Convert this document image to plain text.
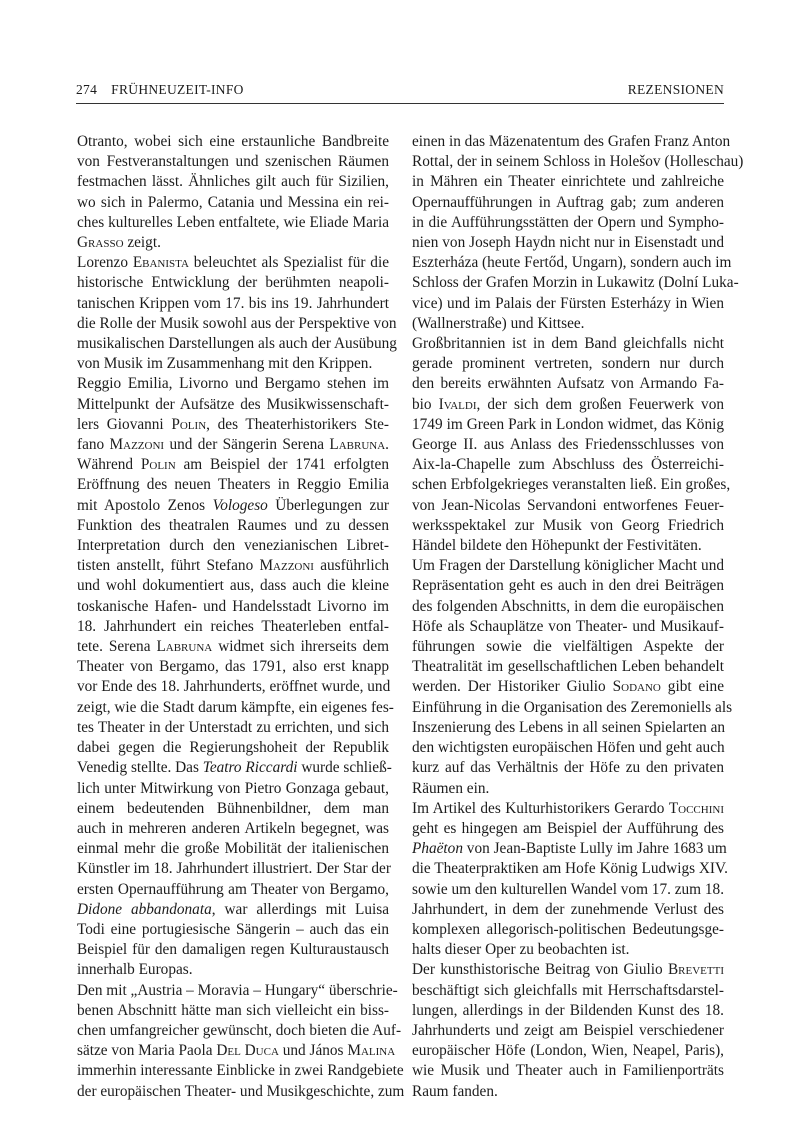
274 FRÜHNEUZEIT-INFO	REZENSIONEN

Otranto, wobei sich eine erstaunliche Bandbreite
von Festveranstaltungen und szenischen Räumen
festmachen lässt. Ähnliches gilt auch für Sizilien,
wo sich in Palermo, Catania und Messina ein rei-
ches kulturelles Leben entfaltete, wie Eliade Maria
Grasso zeigt.

Lorenzo Ebanista beleuchtet als Spezialist für die
historische Entwicklung der berühmten neapoli-
tanischen Krippen vom 17. bis ins 19. Jahrhundert
die Rolle der Musik sowohl aus der Perspektive von
musikalischen Darstellungen als auch der Ausübung
von Musik im Zusammenhang mit den Krippen.

Reggio Emilia, Livorno und Bergamo stehen im
Mittelpunkt der Aufsätze des Musikwissenschaft-
lers Giovanni Polin, des Theaterhistorikers Ste-
fano Mazzoni und der Sängerin Serena Labruna.
Während Polin am Beispiel der 1741 erfolgten
Eröffnung des neuen Theaters in Reggio Emilia
mit Apostolo Zenos Vologeso Überlegungen zur
Funktion des theatralen Raumes und zu dessen
Interpretation durch den venezianischen Libret-
tisten anstellt, führt Stefano Mazzoni ausführlich
und wohl dokumentiert aus, dass auch die kleine
toskanische Hafen- und Handelsstadt Livorno im
18. Jahrhundert ein reiches Theaterleben entfal-
tete. Serena Labruna widmet sich ihrerseits dem
Theater von Bergamo, das 1791, also erst knapp
vor Ende des 18. Jahrhunderts, eröffnet wurde, und
zeigt, wie die Stadt darum kämpfte, ein eigenes fes-
tes Theater in der Unterstadt zu errichten, und sich
dabei gegen die Regierungshoheit der Republik
Venedig stellte. Das Teatro Riccardi wurde schließ-
lich unter Mitwirkung von Pietro Gonzaga gebaut,
einem bedeutenden Bühnenbildner, dem man
auch in mehreren anderen Artikeln begegnet, was
einmal mehr die große Mobilität der italienischen
Künstler im 18. Jahrhundert illustriert. Der Star der
ersten Opernaufführung am Theater von Bergamo,
Didone abbandonata, war allerdings mit Luisa
Todi eine portugiesische Sängerin – auch das ein
Beispiel für den damaligen regen Kulturaustausch
innerhalb Europas.

Den mit „Austria – Moravia – Hungary“ überschrie-
benen Abschnitt hätte man sich vielleicht ein biss-
chen umfangreicher gewünscht, doch bieten die Auf-
sätze von Maria Paola Del Duca und János Malina
immerhin interessante Einblicke in zwei Randgebiete
der europäischen Theater- und Musikgeschichte, zum

einen in das Mäzenatentum des Grafen Franz Anton
Rottal, der in seinem Schloss in Holešov (Holleschau)
in Mähren ein Theater einrichtete und zahlreiche
Opernaufführungen in Auftrag gab; zum anderen
in die Aufführungsstätten der Opern und Sympho-
nien von Joseph Haydn nicht nur in Eisenstadt und
Eszterháza (heute Fertőd, Ungarn), sondern auch im
Schloss der Grafen Morzin in Lukawitz (Dolní Luka-
vice) und im Palais der Fürsten Esterházy in Wien
(Wallnerstraße) und Kittsee.

Großbritannien ist in dem Band gleichfalls nicht
gerade prominent vertreten, sondern nur durch
den bereits erwähnten Aufsatz von Armando Fa-
bio Ivaldi, der sich dem großen Feuerwerk von
1749 im Green Park in London widmet, das König
George II. aus Anlass des Friedensschlusses von
Aix-la-Chapelle zum Abschluss des Österreichi-
schen Erbfolgekrieges veranstalten ließ. Ein großes,
von Jean-Nicolas Servandoni entworfenes Feuer-
werksspektakel zur Musik von Georg Friedrich
Händel bildete den Höhepunkt der Festivitäten.

Um Fragen der Darstellung königlicher Macht und
Repräsentation geht es auch in den drei Beiträgen
des folgenden Abschnitts, in dem die europäischen
Höfe als Schauplätze von Theater- und Musikauf-
führungen sowie die vielfältigen Aspekte der
Theatralität im gesellschaftlichen Leben behandelt
werden. Der Historiker Giulio Sodano gibt eine
Einführung in die Organisation des Zeremoniells als
Inszenierung des Lebens in all seinen Spielarten an
den wichtigsten europäischen Höfen und geht auch
kurz auf das Verhältnis der Höfe zu den privaten
Räumen ein.

Im Artikel des Kulturhistorikers Gerardo Tocchini
geht es hingegen am Beispiel der Aufführung des
Phaëton von Jean-Baptiste Lully im Jahre 1683 um
die Theaterpraktiken am Hofe König Ludwigs XIV.
sowie um den kulturellen Wandel vom 17. zum 18.
Jahrhundert, in dem der zunehmende Verlust des
komplexen allegorisch-politischen Bedeutungsge-
halts dieser Oper zu beobachten ist.

Der kunsthistorische Beitrag von Giulio Brevetti
beschäftigt sich gleichfalls mit Herrschaftsdarstel-
lungen, allerdings in der Bildenden Kunst des 18.
Jahrhunderts und zeigt am Beispiel verschiedener
europäischer Höfe (London, Wien, Neapel, Paris),
wie Musik und Theater auch in Familienporträts
Raum fanden.
